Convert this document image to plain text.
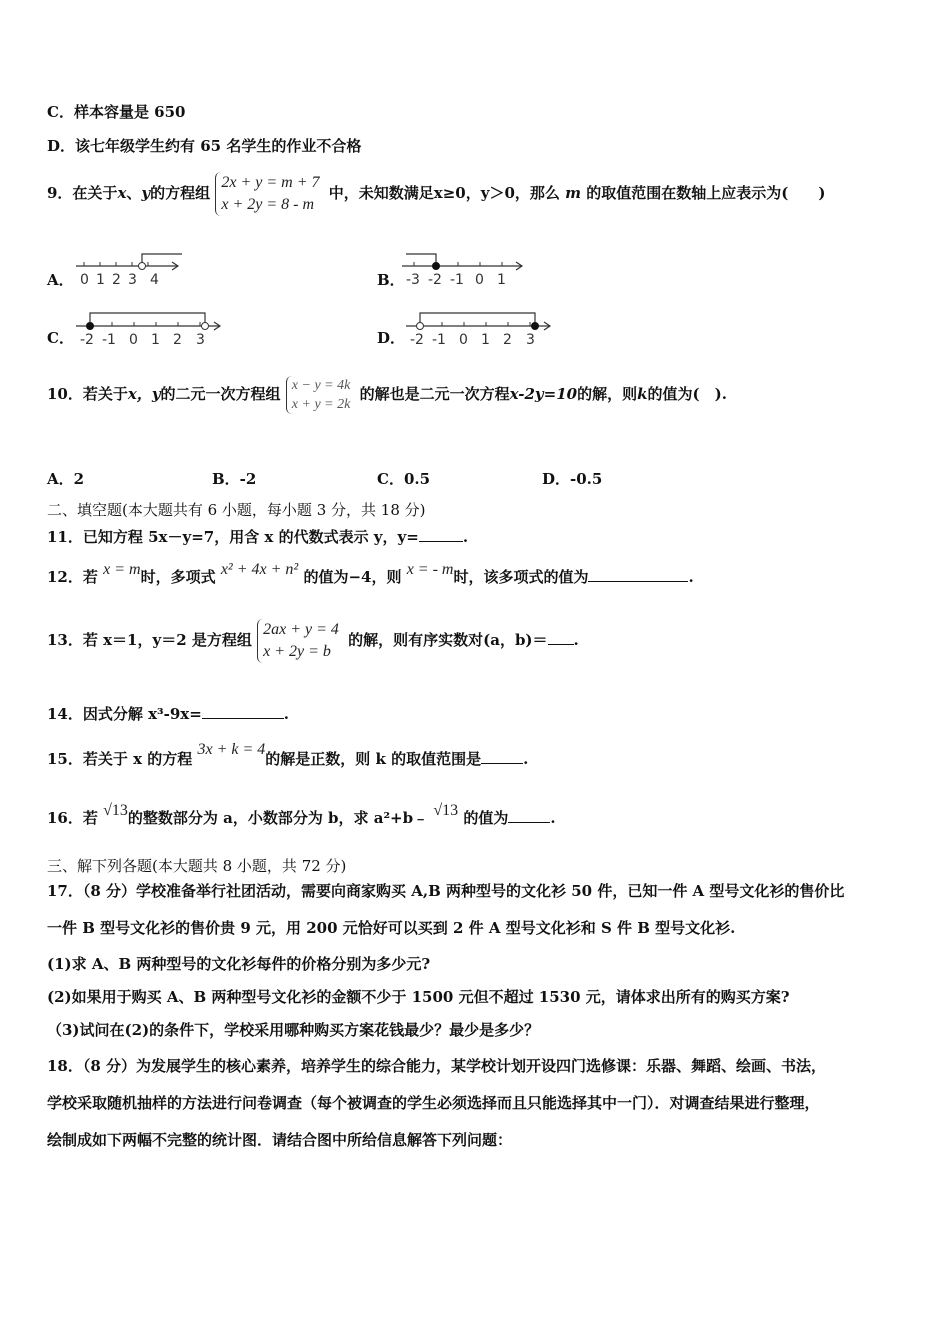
C．样本容量是 650
D．该七年级学生约有 65 名学生的作业不合格
9．在关于x、y的方程组
2x + y = m + 7
x + 2y = 8 - m
中，未知数满足x≥0，y＞0，那么 m 的取值范围在数轴上应表示为(　　)
A． 0 1 2 3 4	B． -3 -2 -1 0 1
C． -2 -1 0 1 2 3	D． -2 -1 0 1 2 3
10．若关于x，y的二元一次方程组 x − y = 4k
x + y = 2k
的解也是二元一次方程x-2y=10的解，则k的值为(　).
A．2	B．-2	C．0.5	D．-0.5
二、填空题(本大题共有 6 小题，每小题 3 分，共 18 分)
11．已知方程 5x－y=7，用含 x 的代数式表示 y，y=	.
12．若 x = m时，多项式 x² + 4x + n² 的值为−4，则 x = - m时，该多项式的值为	.
13．若 x＝1，y＝2 是方程组
2ax + y = 4
x + 2y = b
的解，则有序实数对(a，b)＝ .
14．因式分解 x³-9x=	.
15．若关于 x 的方程 3x + k = 4的解是正数，则 k 的取值范围是	.
16．若 √13的整数部分为 a，小数部分为 b，求 a²+b﹣ √13 的值为	.
三、解下列各题(本大题共 8 小题，共 72 分)
17．（8 分）学校准备举行社团活动，需要向商家购买 A,B 两种型号的文化衫 50 件，已知一件 A 型号文化衫的售价比
一件 B 型号文化衫的售价贵 9 元，用 200 元恰好可以买到 2 件 A 型号文化衫和 S 件 B 型号文化衫.
(1)求 A、B 两种型号的文化衫每件的价格分别为多少元?
(2)如果用于购买 A、B 两种型号文化衫的金额不少于 1500 元但不超过 1530 元，请体求出所有的购买方案?
（3)试问在(2)的条件下，学校采用哪种购买方案花钱最少？最少是多少？
18．（8 分）为发展学生的核心素养，培养学生的综合能力，某学校计划开设四门选修课：乐器、舞蹈、绘画、书法，
学校采取随机抽样的方法进行问卷调查（每个被调查的学生必须选择而且只能选择其中一门）．对调查结果进行整理，
绘制成如下两幅不完整的统计图．请结合图中所给信息解答下列问题：
